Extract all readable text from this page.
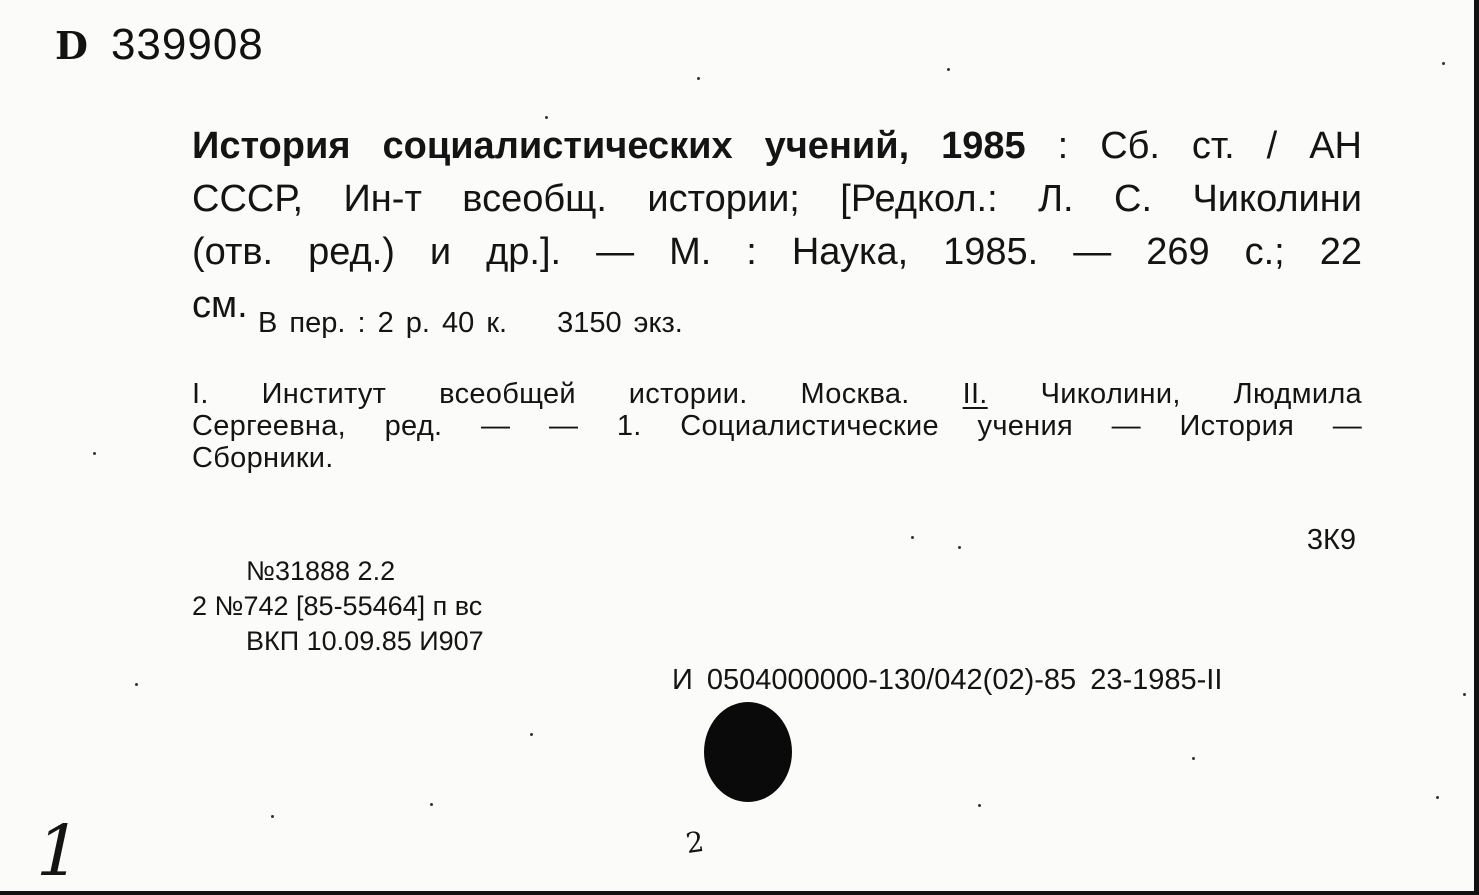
D 339908
История социалистических учений, 1985 : Сб. ст. / АН
СССР, Ин-т всеобщ. истории; [Редкол.: Л. С. Чиколини
(отв. ред.) и др.]. — М. : Наука, 1985. — 269 с.; 22
см. В пер. : 2 р. 40 к. 3150 экз.
I. Институт всеобщей истории. Москва. II. Чиколини, Людмила
Сергеевна, ред. — — 1. Социалистические учения — История —
Сборники.
3К9
№31888 2.2
2 №742 [85-55464] п вс
ВКП 10.09.85 И907
И 0504000000-130/042(02)-85 23-1985-II
1	2
